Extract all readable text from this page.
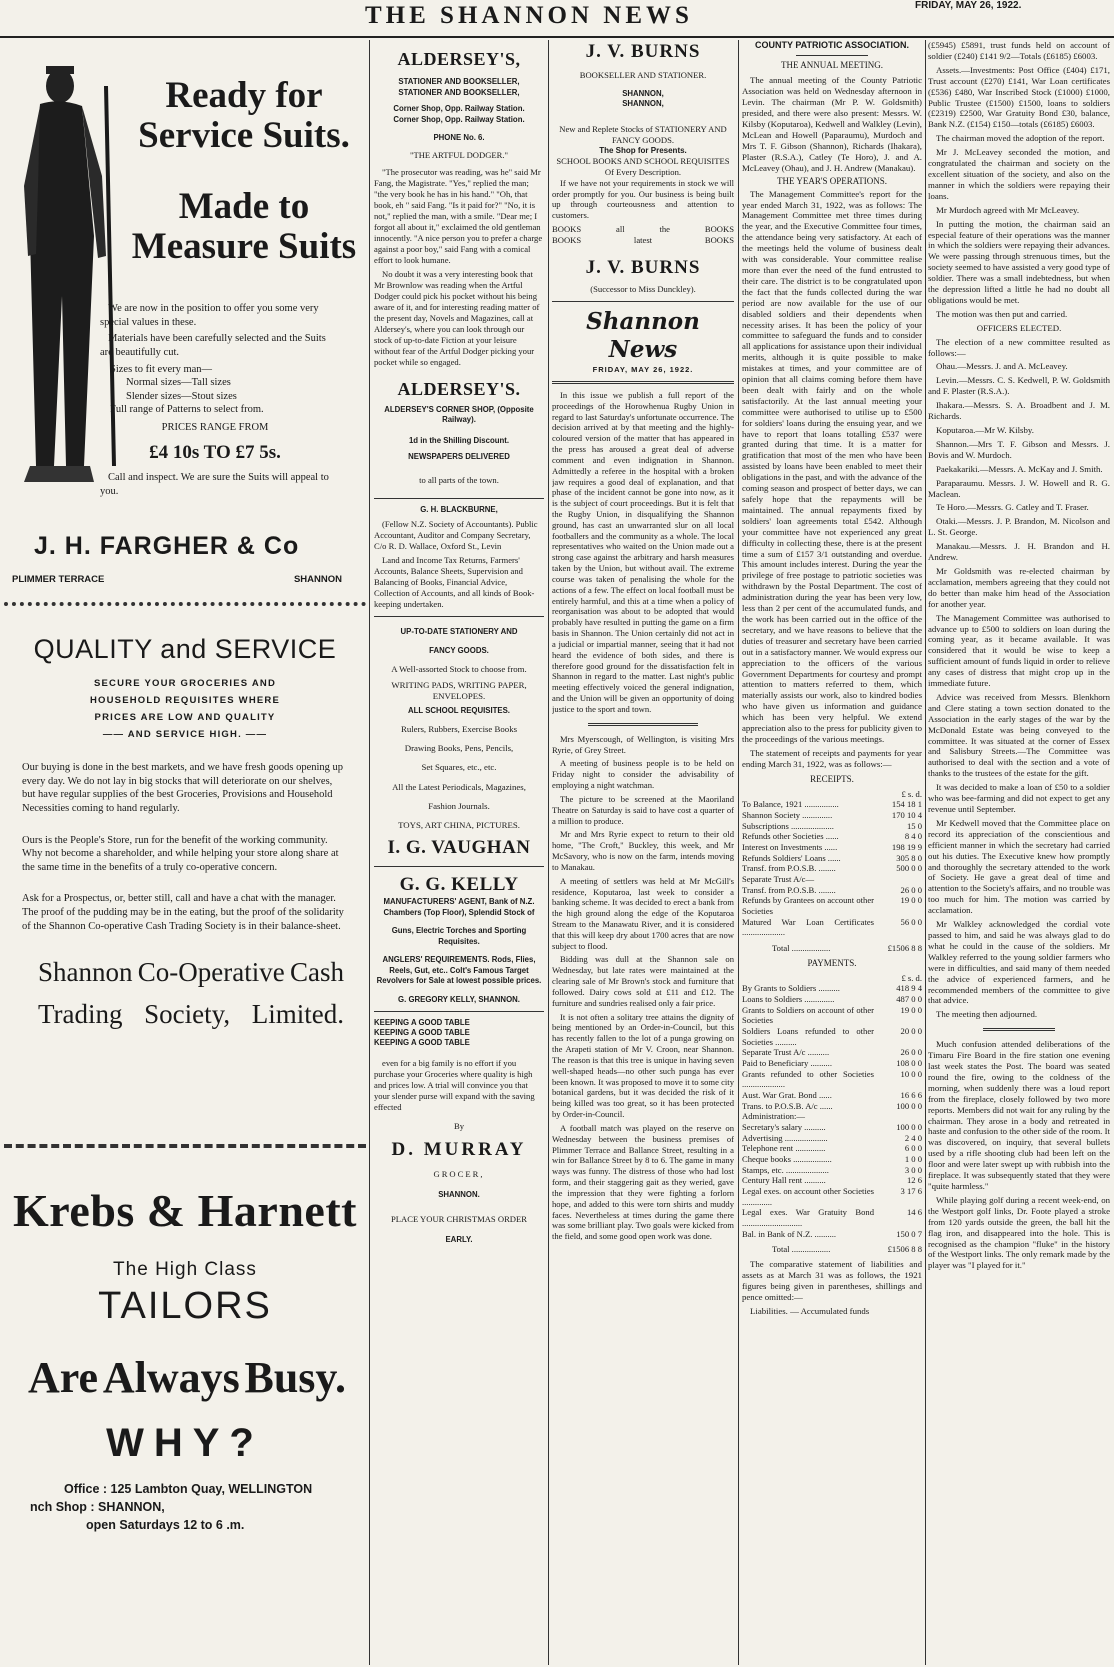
THE SHANNON NEWS	FRIDAY, MAY 26, 1922.
Ready for Service Suits.
Made to Measure Suits

We are now in the position to offer you some very special values in these.

Materials have been carefully selected and the Suits are beautifully cut.

Sizes to fit every man—
Normal sizes—Tall sizes
Slender sizes—Stout sizes
Full range of Patterns to select from.
PRICES RANGE FROM
£4 10s TO £7 5s.

Call and inspect. We are sure the Suits will appeal to you.

J. H. FARGHER & Co
PLIMMER TERRACE	SHANNON
QUALITY and SERVICE
SECURE YOUR GROCERIES AND
HOUSEHOLD REQUISITES WHERE
PRICES ARE LOW AND QUALITY
—— AND SERVICE HIGH. ——

Our buying is done in the best markets, and we have fresh goods opening up every day. We do not lay in big stocks that will deteriorate on our shelves, but have regular supplies of the best Groceries, Provisions and Household Necessities coming to hand regularly.

Ours is the People's Store, run for the benefit of the working community. Why not become a shareholder, and while helping your store along share at the same time in the benefits of a truly co-operative concern.

Ask for a Prospectus, or, better still, call and have a chat with the manager. The proof of the pudding may be in the eating, but the proof of the solidarity of the Shannon Co-operative Cash Trading Society is in their balance-sheet.

Shannon Co-Operative Cash
Trading Society, Limited.
Krebs & Harnett
The High Class
TAILORS
Are Always Busy.
WHY?
Office : 125 Lambton Quay, WELLINGTON
nch Shop : SHANNON,
open Saturdays 12 to 6 .m.
ALDERSEY'S,
STATIONER AND BOOKSELLER,
STATIONER AND BOOKSELLER,
Corner Shop, Opp. Railway Station.
Corner Shop, Opp. Railway Station.
PHONE No. 6.
"THE ARTFUL DODGER."

"The prosecutor was reading, was he" said Mr Fang, the Magistrate. "Yes," replied the man; "the very book he has in his hand." "Oh, that book, eh " said Fang. "Is it paid for?" "No, it is not," replied the man, with a smile. "Dear me; I forgot all about it," exclaimed the old gentleman innocently. "A nice person you to prefer a charge against a poor boy," said Fang with a comical effort to look humane.

No doubt it was a very interesting book that Mr Brownlow was reading when the Artful Dodger could pick his pocket without his being aware of it, and for interesting reading matter of the present day, Novels and Magazines, call at Aldersey's, where you can look through our stock of up-to-date Fiction at your leisure without fear of the Artful Dodger picking your pocket while so engaged.

ALDERSEY'S.
ALDERSEY'S CORNER SHOP, (Opposite Railway).
1d in the Shilling Discount.
NEWSPAPERS DELIVERED
to all parts of the town.
G. H. BLACKBURNE,

(Fellow N.Z. Society of Accountants). Public Accountant, Auditor and Company Secretary, C/o R. D. Wallace, Oxford St., Levin

Land and Income Tax Returns, Farmers' Accounts, Balance Sheets, Supervision and Balancing of Books, Financial Advice, Collection of Accounts, and all kinds of Book-keeping undertaken.

UP-TO-DATE STATIONERY AND
FANCY GOODS.
A Well-assorted Stock to choose from.
WRITING PADS, WRITING PAPER, ENVELOPES.
ALL SCHOOL REQUISITES.
Rulers, Rubbers, Exercise Books
Drawing Books, Pens, Pencils,
Set Squares, etc., etc.
All the Latest Periodicals, Magazines,
Fashion Journals.
TOYS, ART CHINA, PICTURES.
I. G. VAUGHAN
G. G. KELLY
MANUFACTURERS' AGENT, Bank of N.Z. Chambers (Top Floor), Splendid Stock of
Guns, Electric Torches and Sporting Requisites.
ANGLERS' REQUIREMENTS. Rods, Flies, Reels, Gut, etc.. Colt's Famous Target Revolvers for Sale at lowest possible prices.
G. GREGORY KELLY, SHANNON.
KEEPING A GOOD TABLE
KEEPING A GOOD TABLE
KEEPING A GOOD TABLE

even for a big family is no effort if you purchase your Groceries where quality is high and prices low. A trial will convince you that your slender purse will expand with the saving effected

By
D. MURRAY
GROCER,
SHANNON.
PLACE YOUR CHRISTMAS ORDER
EARLY.
J. V. BURNS
BOOKSELLER AND STATIONER.
SHANNON,
SHANNON,
New and Replete Stocks of STATIONERY AND FANCY GOODS.
The Shop for Presents.
SCHOOL BOOKS AND SCHOOL REQUISITES Of Every Description.

If we have not your requirements in stock we will order promptly for you. Our business is being built up through courteousness and attention to customers.

BOOKS all the BOOKS
BOOKS latest BOOKS
J. V. BURNS
(Successor to Miss Dunckley).
Shannon News
FRIDAY, MAY 26, 1922.

In this issue we publish a full report of the proceedings of the Horowhenua Rugby Union in regard to last Saturday's unfortunate occurrence. The decision arrived at by that meeting and the highly-coloured version of the matter that has appeared in the press has aroused a great deal of adverse comment and even indignation in Shannon. Admittedly a referee in the hospital with a broken jaw requires a good deal of explanation, and that phase of the incident cannot be gone into now, as it is the subject of court proceedings. But it is felt that the Rugby Union, in disqualifying the Shannon ground, has cast an unwarranted slur on all local footballers and the community as a whole. The local representatives who waited on the Union made out a strong case against the arbitrary and harsh measures taken by the Union, but without avail. The extreme course was taken of penalising the whole for the actions of a few. The effect on local football must be entirely harmful, and this at a time when a policy of reorganisation was about to be adopted that would probably have resulted in putting the game on a firm basis in Shannon. The Union certainly did not act in a judicial or impartial manner, seeing that it had not heard the evidence of both sides, and there is therefore good ground for the dissatisfaction felt in Shannon in regard to the matter. Last night's public meeting effectively voiced the general indignation, and the Union will be given an opportunity of doing justice to the sport and town.

Mrs Myerscough, of Wellington, is visiting Mrs Ryrie, of Grey Street.

A meeting of business people is to be held on Friday night to consider the advisability of employing a night watchman.

The picture to be screened at the Maoriland Theatre on Saturday is said to have cost a quarter of a million to produce.

Mr and Mrs Ryrie expect to return to their old home, "The Croft," Buckley, this week, and Mr McSavory, who is now on the farm, intends moving to Manakau.

A meeting of settlers was held at Mr McGill's residence, Koputaroa, last week to consider a banking scheme. It was decided to erect a bank from the high ground along the edge of the Koputaroa Stream to the Manawatu River, and it is considered that this will keep dry about 1700 acres that are now subject to flood.

Bidding was dull at the Shannon sale on Wednesday, but late rates were maintained at the clearing sale of Mr Brown's stock and furniture that followed. Dairy cows sold at £11 and £12. The furniture and sundries realised only a fair price.

It is not often a solitary tree attains the dignity of being mentioned by an Order-in-Council, but this has recently fallen to the lot of a punga growing on the Arapeti station of Mr V. Croon, near Shannon. The reason is that this tree is unique in having seven well-shaped heads—no other such punga has ever been known. It was proposed to move it to some city botanical gardens, but it was decided the risk of it being killed was too great, so it has been protected by Order-in-Council.

A football match was played on the reserve on Wednesday between the business premises of Plimmer Terrace and Ballance Street, resulting in a win for Ballance Street by 8 to 6. The game in many ways was funny. The distress of those who had lost form, and their staggering gait as they weried, gave the impression that they were fighting a forlorn hope, and added to this were torn shirts and muddy faces. Nevertheless at times during the game there was some brilliant play. Two goals were kicked from the field, and some good open work was done.

COUNTY PATRIOTIC ASSOCIATION.
THE ANNUAL MEETING.

The annual meeting of the County Patriotic Association was held on Wednesday afternoon in Levin. The chairman (Mr P. W. Goldsmith) presided, and there were also present: Messrs. W. Kilsby (Koputaroa), Kedwell and Walkley (Levin), McLean and Howell (Paparaumu), Murdoch and Mrs T. F. Gibson (Shannon), Richards (Ihakara), Plaster (R.S.A.), Catley (Te Horo), J. and A. McLeavey (Ohau), and J. H. Andrew (Manakau).

THE YEAR'S OPERATIONS.

The Management Committee's report for the year ended March 31, 1922, was as follows: The Management Committee met three times during the year, and the Executive Committee four times, the attendance being very satisfactory. At each of the meetings held the volume of business dealt with was considerable. Your committee realise more than ever the need of the fund entrusted to their care. The district is to be congratulated upon the fact that the funds collected during the war period are now available for the use of our disabled soldiers and their dependents when necessity arises. It has been the policy of your committee to safeguard the funds and to consider all applications for assistance upon their individual merits, although it is quite possible to make mistakes at times, and your committee are of opinion that all claims coming before them have been dealt with fairly and on the whole satisfactorily. At the last annual meeting your committee were authorised to utilise up to £500 for soldiers' loans during the ensuing year, and we have to report that loans totalling £537 were granted during that time. It is a matter for gratification that most of the men who have been assisted by loans have been enabled to meet their obligations in the past, and with the advance of the coming season and prospect of better days, we can safely hope that the repayments will be maintained. The annual repayments fixed by soldiers' loan agreements total £542. Although your committee have not experienced any great difficulty in collecting these, there is at the present time a sum of £157 3/1 outstanding and overdue. This amount includes interest. During the year the privilege of free postage to patriotic societies was withdrawn by the Postal Department. The cost of administration during the year has been very low, less than 2 per cent of the accumulated funds, and the work has been carried out in the office of the secretary, and we have reasons to believe that the duties of treasurer and secretary have been carried out in a satisfactory manner. We would express our appreciation to the officers of the various Government Departments for courtesy and prompt attention to matters referred to them, which materially assists our work, also to kindred bodies who have given us information and guidance which has been very helpful. We extend appreciation also to the press for publicity given to the proceedings of the various meetings.

The statement of receipts and payments for year ending March 31, 1922, was as follows:—

RECEIPTS.
	£ s. d.
To Balance, 1921 ................	154 18 1
Shannon Society ..............	170 10 4
Subscriptions ....................	15 0
Refunds other Societies ......	8 4 0
Interest on Investments ......	198 19 9
Refunds Soldiers' Loans ......	305 8 0
Transf. from P.O.S.B. ........	500 0 0
Separate Trust A/c—	
Transf. from P.O.S.B. ........	26 0 0
Refunds by Grantees on account other Societies	19 0 0
Matured War Loan Certificates ....................	56 0 0
Total ..................	£1506 8 8
PAYMENTS.
	£ s. d.
By Grants to Soldiers ..........	418 9 4
Loans to Soldiers ..............	487 0 0
Grants to Soldiers on account of other Societies	19 0 0
Soldiers Loans refunded to other Societies ..........	20 0 0
Separate Trust A/c ..........	26 0 0
Paid to Beneficiary ..........	108 0 0
Grants refunded to other Societies ....................	10 0 0
Aust. War Grat. Bond ......	16 6 6
Trans. to P.O.S.B. A/c ......	100 0 0
Administration:—	
Secretary's salary ..........	100 0 0
Advertising ....................	2 4 0
Telephone rent ..............	6 0 0
Cheque books ..................	1 0 0
Stamps, etc. ....................	3 0 0
Century Hall rent ..........	12 6
Legal exes. on account other Societies ..............	3 17 6
Legal exes. War Gratuity Bond ............................	14 6
Bal. in Bank of N.Z. ..........	150 0 7
Total ..................	£1506 8 8

The comparative statement of liabilities and assets as at March 31 was as follows, the 1921 figures being given in parentheses, shillings and pence omitted:—

Liabilities. — Accumulated funds

(£5945) £5891, trust funds held on account of soldier (£240) £141 9/2—Totals (£6185) £6003.

Assets.—Investments: Post Office (£404) £171, Trust account (£270) £141, War Loan certificates (£536) £480, War Inscribed Stock (£1000) £1000, Public Trustee (£1500) £1500, loans to soldiers (£2319) £2500, War Gratuity Bond £30, balance, Bank N.Z. (£154) £150—totals (£6185) £6003.

The chairman moved the adoption of the report.

Mr J. McLeavey seconded the motion, and congratulated the chairman and society on the excellent situation of the society, and also on the manner in which the soldiers were repaying their loans.

Mr Murdoch agreed with Mr McLeavey.

In putting the motion, the chairman said an especial feature of their operations was the manner in which the soldiers were repaying their advances. We were passing through strenuous times, but the society seemed to have assisted a very good type of soldier. There was a small indebtedness, but when the depression lifted a little he had no doubt all obligations would be met.

The motion was then put and carried.

OFFICERS ELECTED.

The election of a new committee resulted as follows:—

Ohau.—Messrs. J. and A. McLeavey.

Levin.—Messrs. C. S. Kedwell, P. W. Goldsmith and F. Plaster (R.S.A.).

Ihakara.—Messrs. S. A. Broadbent and J. M. Richards.

Koputaroa.—Mr W. Kilsby.

Shannon.—Mrs T. F. Gibson and Messrs. J. Bovis and W. Murdoch.

Paekakariki.—Messrs. A. McKay and J. Smith.

Paraparaumu. Messrs. J. W. Howell and R. G. Maclean.

Te Horo.—Messrs. G. Catley and T. Fraser.

Otaki.—Messrs. J. P. Brandon, M. Nicolson and L. St. George.

Manakau.—Messrs. J. H. Brandon and H. Andrew.

Mr Goldsmith was re-elected chairman by acclamation, members agreeing that they could not do better than make him head of the Association for another year.

The Management Committee was authorised to advance up to £500 to soldiers on loan during the coming year, as it became available. It was considered that it would be wise to keep a sufficient amount of funds liquid in order to relieve any cases of distress that might crop up in the immediate future.

Advice was received from Messrs. Blenkhorn and Clere stating a town section donated to the Association in the early stages of the war by the McDonald Estate was being conveyed to the committee. It was situated at the corner of Essex and Salisbury Streets.—The Committee was authorised to deal with the section and a vote of thanks to the trustees of the estate for the gift.

It was decided to make a loan of £50 to a soldier who was bee-farming and did not expect to get any revenue until September.

Mr Kedwell moved that the Committee place on record its appreciation of the conscientious and efficient manner in which the secretary had carried out his duties. The Executive knew how promptly and thoroughly the secretary attended to the work of Society. He gave a great deal of time and attention to the Society's affairs, and no trouble was too much for him. The motion was carried by acclamation.

Mr Walkley acknowledged the cordial vote passed to him, and said he was always glad to do what he could in the cause of the soldiers. Mr Walkley referred to the young soldier farmers who were in difficulties, and said many of them needed the advice of experienced farmers, and he recommended members of the committee to give that advice.

The meeting then adjourned.

Much confusion attended deliberations of the Timaru Fire Board in the fire station one evening last week states the Post. The board was seated round the fire, owing to the coldness of the morning, when suddenly there was a loud report from the fireplace, closely followed by two more reports. Members did not wait for any ruling by the chairman. They arose in a body and retreated in haste and confusion to the other side of the room. It was discovered, on inquiry, that several bullets used by a rifle shooting club had been left on the floor and were later swept up with rubbish into the fireplace. It was subsequently stated that they were "quite harmless."

While playing golf during a recent week-end, on the Westport golf links, Dr. Foote played a stroke from 120 yards outside the green, the ball hit the flag iron, and disappeared into the hole. This is recognised as the champion "fluke" in the history of the Westport links. The only remark made by the player was "I played for it."
